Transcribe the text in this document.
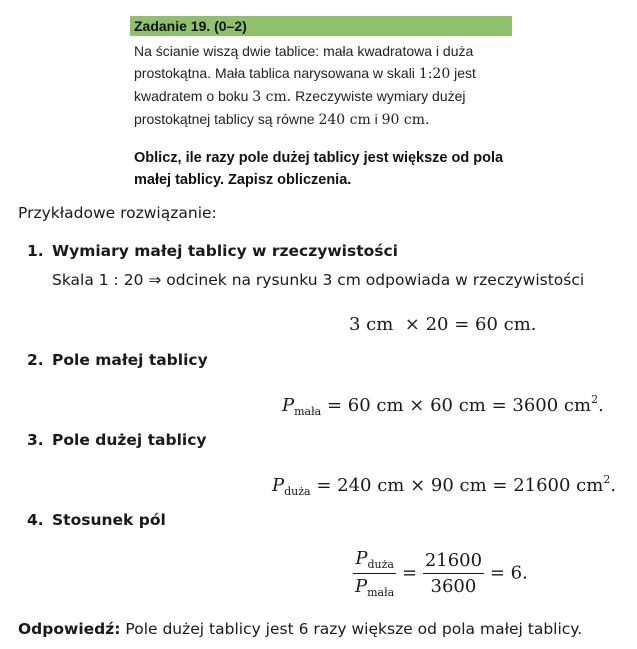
Zadanie 19. (0–2)
Na ścianie wiszą dwie tablice: mała kwadratowa i duża
prostokątna. Mała tablica narysowana w skali 1:20 jest
kwadratem o boku 3 cm. Rzeczywiste wymiary dużej
prostokątnej tablicy są równe 240 cm i 90 cm.
Oblicz, ile razy pole dużej tablicy jest większe od pola
małej tablicy. Zapisz obliczenia.
Przykładowe rozwiązanie:
1. Wymiary małej tablicy w rzeczywistości
Skala 1 : 20 ⇒ odcinek na rysunku 3 cm odpowiada w rzeczywistości
3 cm  × 20 = 60 cm.
2. Pole małej tablicy
$P_{mała} = 60$ cm × 60 cm = 3600 $cm^2$.
3. Pole dużej tablicy
$P_{duża} = 240$ cm × 90 cm = 21600 $cm^2$.
4. Stosunek pól
$\frac{P_{duża}}{P_{mała}} = \frac{21600}{3600} = 6$.
Odpowiedź: Pole dużej tablicy jest 6 razy większe od pola małej tablicy.
